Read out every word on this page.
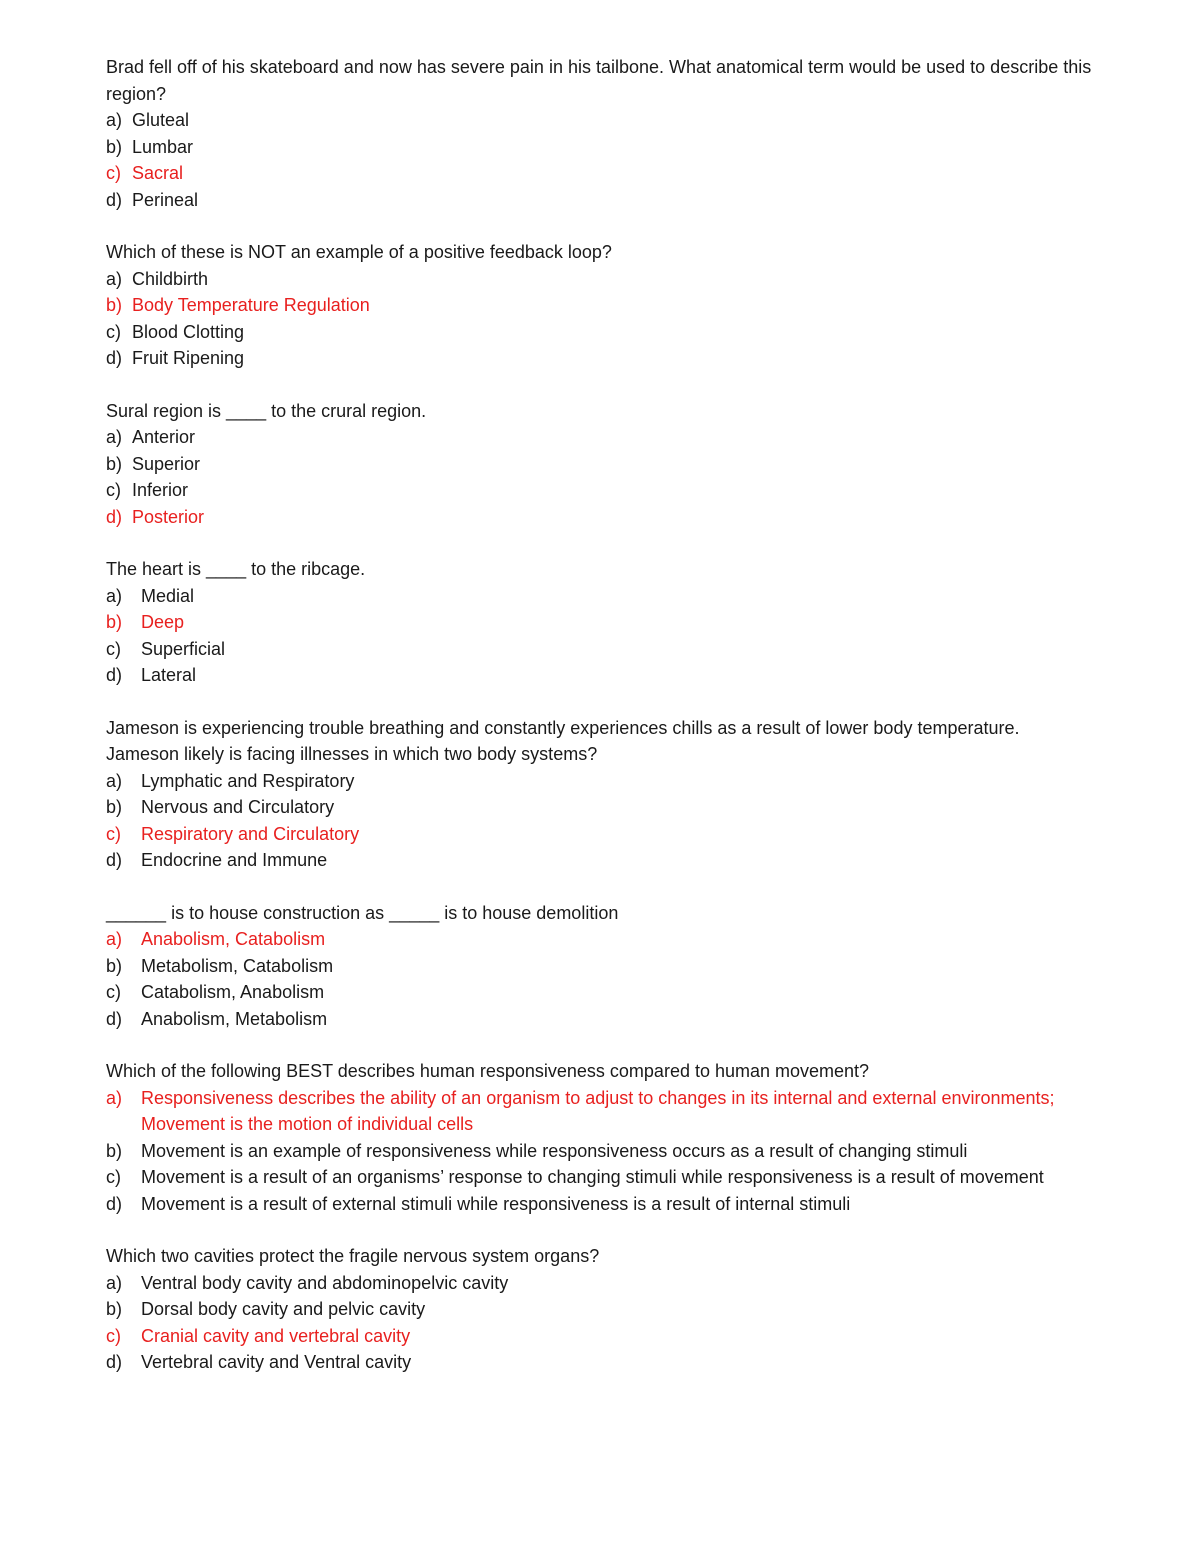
Brad fell off of his skateboard and now has severe pain in his tailbone. What anatomical term would be used to describe this region?

a) Gluteal
b) Lumbar
c) Sacral
d) Perineal

Which of these is NOT an example of a positive feedback loop?

a) Childbirth
b) Body Temperature Regulation
c) Blood Clotting
d) Fruit Ripening

Sural region is ____ to the crural region.

a) Anterior
b) Superior
c) Inferior
d) Posterior

The heart is ____ to the ribcage.

a)	Medial
b)	Deep
c)	Superficial
d)	Lateral

Jameson is experiencing trouble breathing and constantly experiences chills as a result of lower body temperature. Jameson likely is facing illnesses in which two body systems?

a)	Lymphatic and Respiratory
b)	Nervous and Circulatory
c)	Respiratory and Circulatory
d)	Endocrine and Immune

______ is to house construction as _____ is to house demolition

a)	Anabolism, Catabolism
b)	Metabolism, Catabolism
c)	Catabolism, Anabolism
d)	Anabolism, Metabolism

Which of the following BEST describes human responsiveness compared to human movement?

a)	Responsiveness describes the ability of an organism to adjust to changes in its internal and external environments; Movement is the motion of individual cells
b)	Movement is an example of responsiveness while responsiveness occurs as a result of changing stimuli
c)	Movement is a result of an organisms’ response to changing stimuli while responsiveness is a result of movement
d)	Movement is a result of external stimuli while responsiveness is a result of internal stimuli

Which two cavities protect the fragile nervous system organs?

a)	Ventral body cavity and abdominopelvic cavity
b)	Dorsal body cavity and pelvic cavity
c)	Cranial cavity and vertebral cavity
d)	Vertebral cavity and Ventral cavity
